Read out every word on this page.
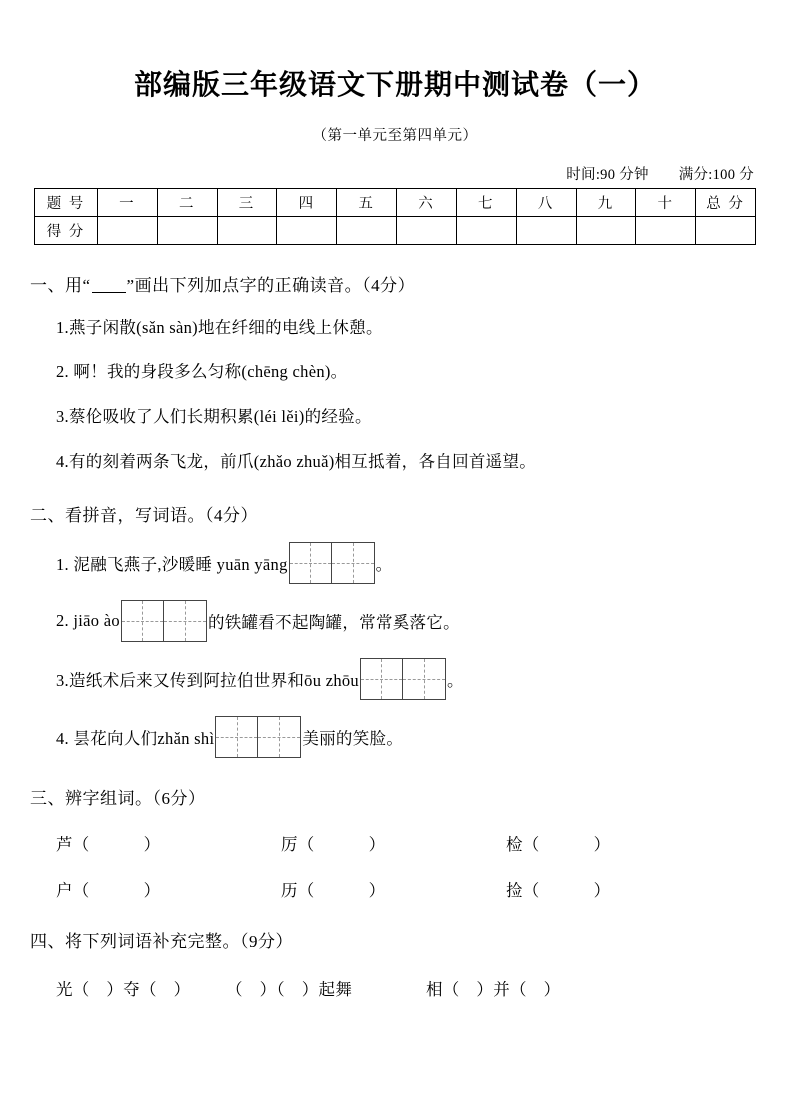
部编版三年级语文下册期中测试卷（一）
（第一单元至第四单元）
时间:90 分钟 满分:100 分
题 号	一	二	三	四	五	六	七	八	九	十	总 分
得 分											
一、用“ ”画出下列加点字的正确读音。（4分）
1.燕子闲散(sǎn sàn)地在纤细的电线上休憩。
2. 啊！我的身段多么匀称(chēng chèn)。
3.蔡伦吸收了人们长期积累(léi lěi)的经验。
4.有的刻着两条飞龙，前爪(zhǎo zhuǎ)相互抵着，各自回首遥望。
二、看拼音，写词语。（4分）
1. 泥融飞燕子,沙暖睡 yuān yāng	。
2. jiāo ào	的铁罐看不起陶罐，常常奚落它。
3.造纸术后来又传到阿拉伯世界和ōu zhōu	。
4. 昙花向人们zhǎn shì	美丽的笑脸。
三、辨字组词。（6分）
芦（	）	厉（	）	检（	）
户（	）	历（	）	捡（	）
四、将下列词语补充完整。（9分）
光（　）夺（　）	（　）（　）起舞	相（　）并（　）
